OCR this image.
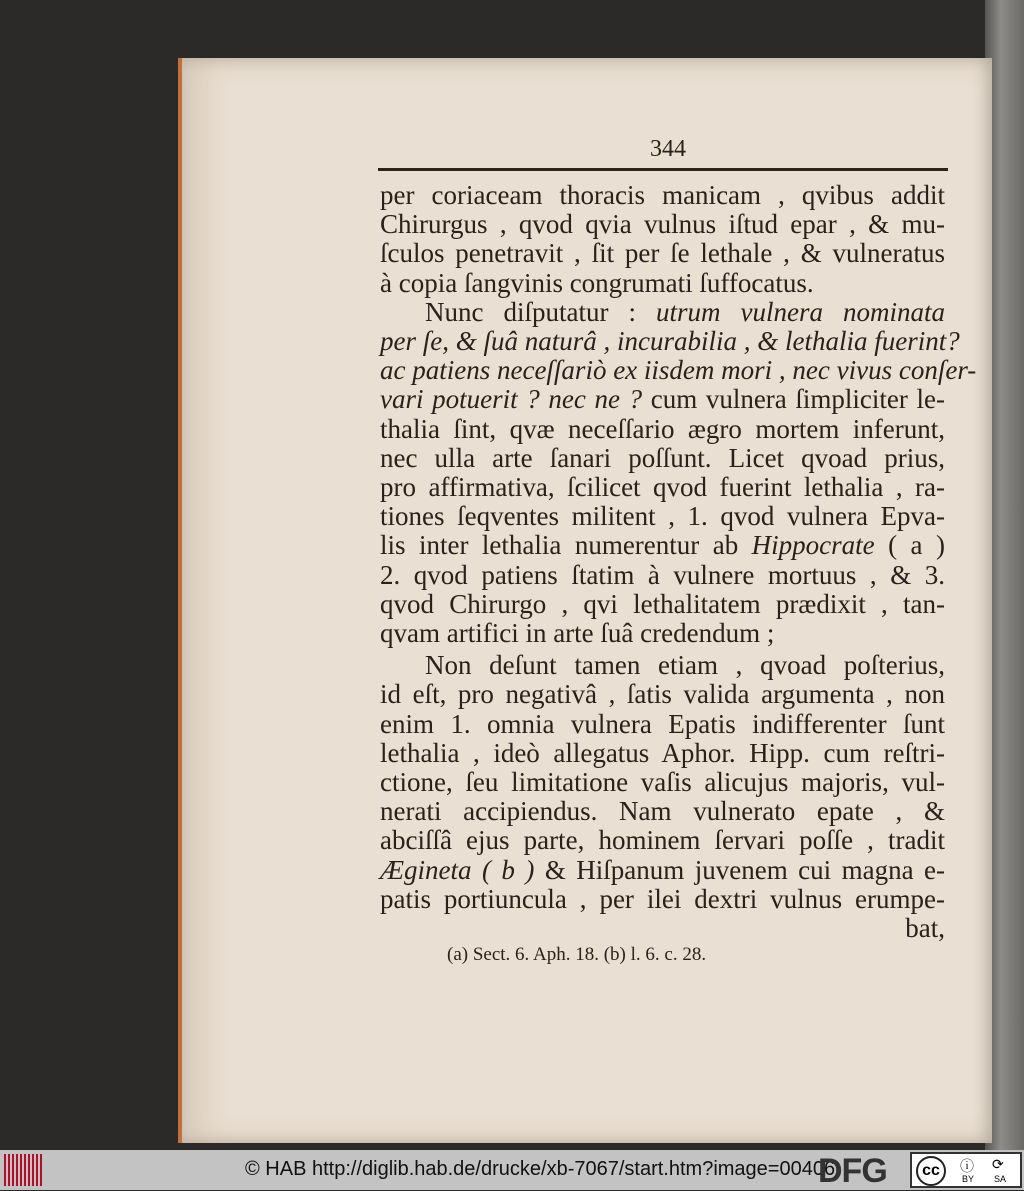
344
per coriaceam thoracis manicam , qvibus addit
Chirurgus , qvod qvia vulnus iſtud epar , & mu-
ſculos penetravit , ſit per ſe lethale , & vulneratus
à copia ſangvinis congrumati ſuffocatus.
Nunc diſputatur : utrum vulnera nominata
per ſe, & ſuâ naturâ , incurabilia , & lethalia fuerint?
ac patiens neceſſariò ex iisdem mori , nec vivus conſer-
vari potuerit ? nec ne ? cum vulnera ſimpliciter le-
thalia ſint, qvæ neceſſario ægro mortem inferunt,
nec ulla arte ſanari poſſunt. Licet qvoad prius,
pro affirmativa, ſcilicet qvod fuerint lethalia , ra-
tiones ſeqventes militent , 1. qvod vulnera Epva-
lis inter lethalia numerentur ab Hippocrate ( a )
2. qvod patiens ſtatim à vulnere mortuus , & 3.
qvod Chirurgo , qvi lethalitatem prædixit , tan-
qvam artifici in arte ſuâ credendum ;
Non deſunt tamen etiam , qvoad poſterius,
id eſt, pro negativâ , ſatis valida argumenta , non
enim 1. omnia vulnera Epatis indifferenter ſunt
lethalia , ideò allegatus Aphor. Hipp. cum reſtri-
ctione, ſeu limitatione vaſis alicujus majoris, vul-
nerati accipiendus. Nam vulnerato epate , &
abciſſâ ejus parte, hominem ſervari poſſe , tradit
Ægineta ( b ) & Hiſpanum juvenem cui magna e-
patis portiuncula , per ilei dextri vulnus erumpe-
bat,
(a) Sect. 6. Aph. 18. (b) l. 6. c. 28.
© HAB http://diglib.hab.de/drucke/xb-7067/start.htm?image=00406
DFG	cc	BY SA
ⓘ ⟳
